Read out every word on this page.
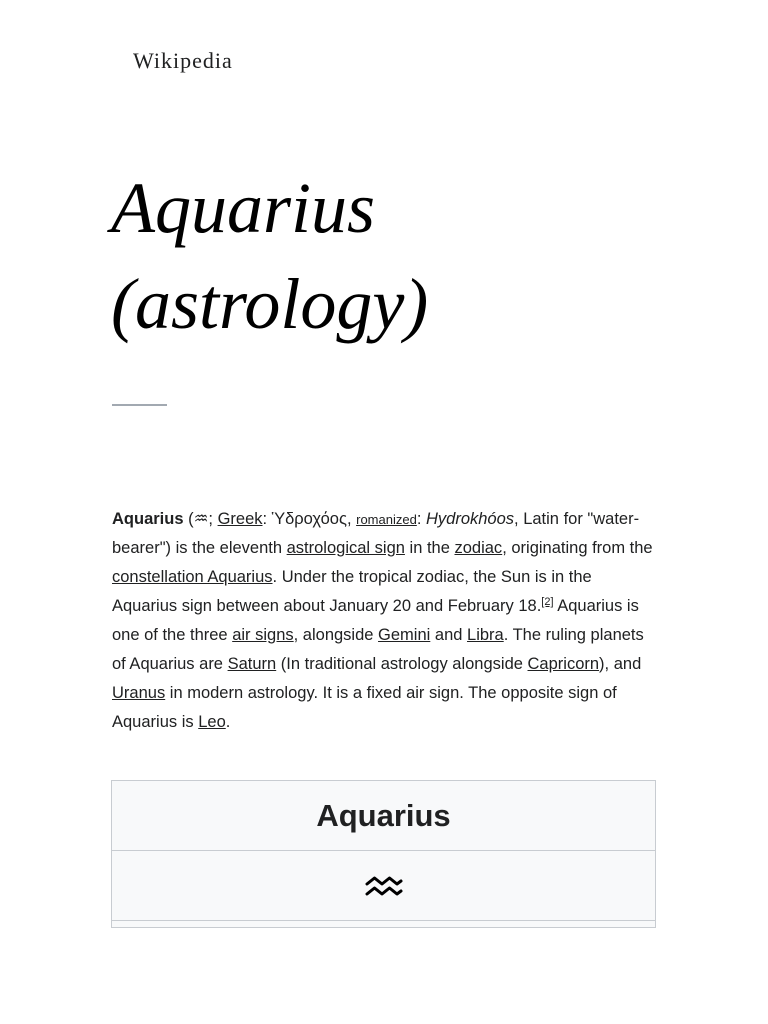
Wikipedia
Aquarius
(astrology)

Aquarius (♒; Greek: Ὑδροχόος, romanized: Hydrokhóos, Latin for "water-bearer") is the eleventh astrological sign in the zodiac, originating from the constellation Aquarius. Under the tropical zodiac, the Sun is in the Aquarius sign between about January 20 and February 18.[2] Aquarius is one of the three air signs, alongside Gemini and Libra. The ruling planets of Aquarius are Saturn (In traditional astrology alongside Capricorn), and Uranus in modern astrology. It is a fixed air sign. The opposite sign of Aquarius is Leo.

Aquarius
